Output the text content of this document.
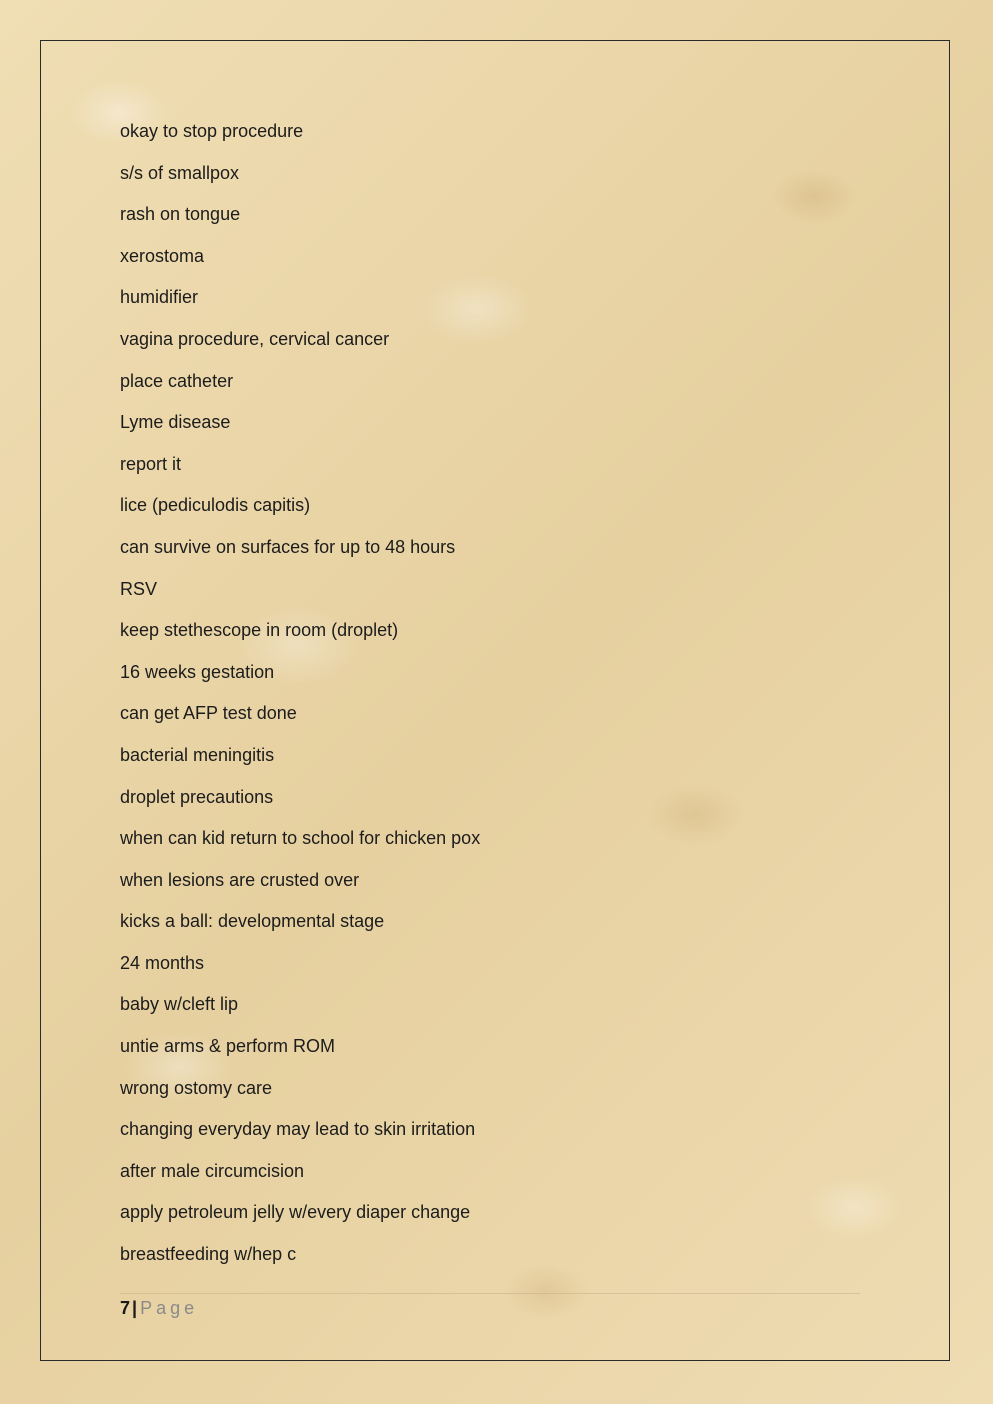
okay to stop procedure
s/s of smallpox
rash on tongue
xerostoma
humidifier
vagina procedure, cervical cancer
place catheter
Lyme disease
report it
lice (pediculodis capitis)
can survive on surfaces for up to 48 hours
RSV
keep stethescope in room (droplet)
16 weeks gestation
can get AFP test done
bacterial meningitis
droplet precautions
when can kid return to school for chicken pox
when lesions are crusted over
kicks a ball: developmental stage
24 months
baby w/cleft lip
untie arms & perform ROM
wrong ostomy care
changing everyday may lead to skin irritation
after male circumcision
apply petroleum jelly w/every diaper change
breastfeeding w/hep c
7 | Page
